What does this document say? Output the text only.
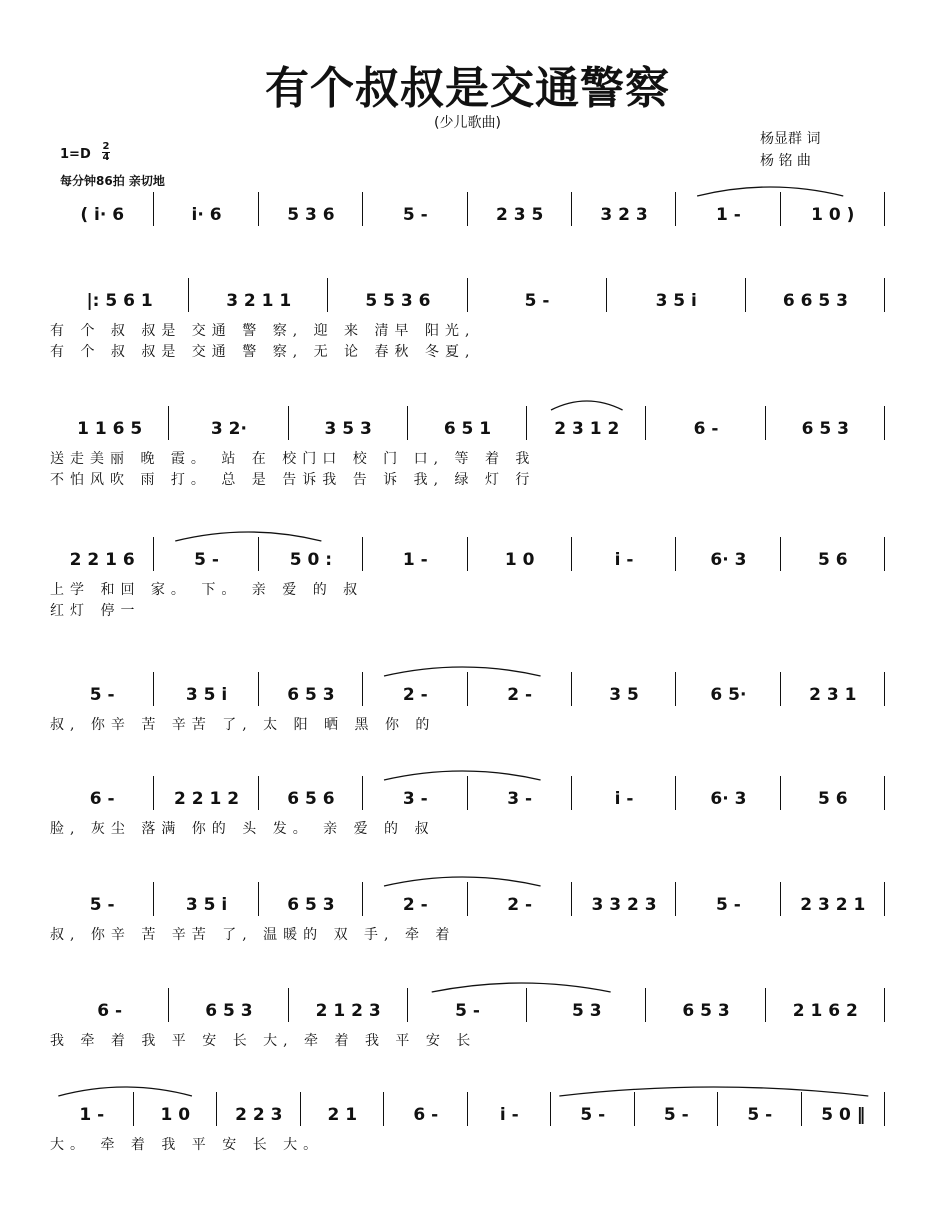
有个叔叔是交通警察
(少儿歌曲)
杨显群 词
杨 铭 曲
1=D
2
4
每分钟86拍 亲切地
( i· 6	i· 6	5 3 6	5 -	2 3 5	3 2 3	1 -	1 0 )
|: 5 6 1	3 2 1 1	5 5 3 6	5 -	3 5 i	6 6 5 3
有 个 叔 叔是 交通 警 察, 迎 来 清早 阳光,
有 个 叔 叔是 交通 警 察, 无 论 春秋 冬夏,
1 1 6 5	3 2·	3 5 3	6 5 1	2 3 1 2	6 -	6 5 3
送走美丽 晚 霞。 站 在 校门口 校 门 口, 等 着 我
不怕风吹 雨 打。 总 是 告诉我 告 诉 我, 绿 灯 行
2 2 1 6	5 -	5 0 :	1 -	1 0	i -	6· 3	5 6
上学 和回 家。 下。 亲 爱 的 叔
红灯 停一
5 -	3 5 i	6 5 3	2 -	2 -	3 5	6 5·	2 3 1
叔, 你辛 苦 辛苦 了, 太 阳 晒 黑 你 的
6 -	2 2 1 2	6 5 6	3 -	3 -	i -	6· 3	5 6
脸, 灰尘 落满 你的 头 发。 亲 爱 的 叔
5 -	3 5 i	6 5 3	2 -	2 -	3 3 2 3	5 -	2 3 2 1
叔, 你辛 苦 辛苦 了, 温暖的 双 手, 牵 着
6 -	6 5 3	2 1 2 3	5 -	5 3	6 5 3	2 1 6 2
我 牵 着 我 平 安 长 大, 牵 着 我 平 安 长
1 -	1 0	2 2 3	2 1	6 -	i -	5 -	5 -	5 -	5 0 ‖
大。 牵 着 我 平 安 长 大。
